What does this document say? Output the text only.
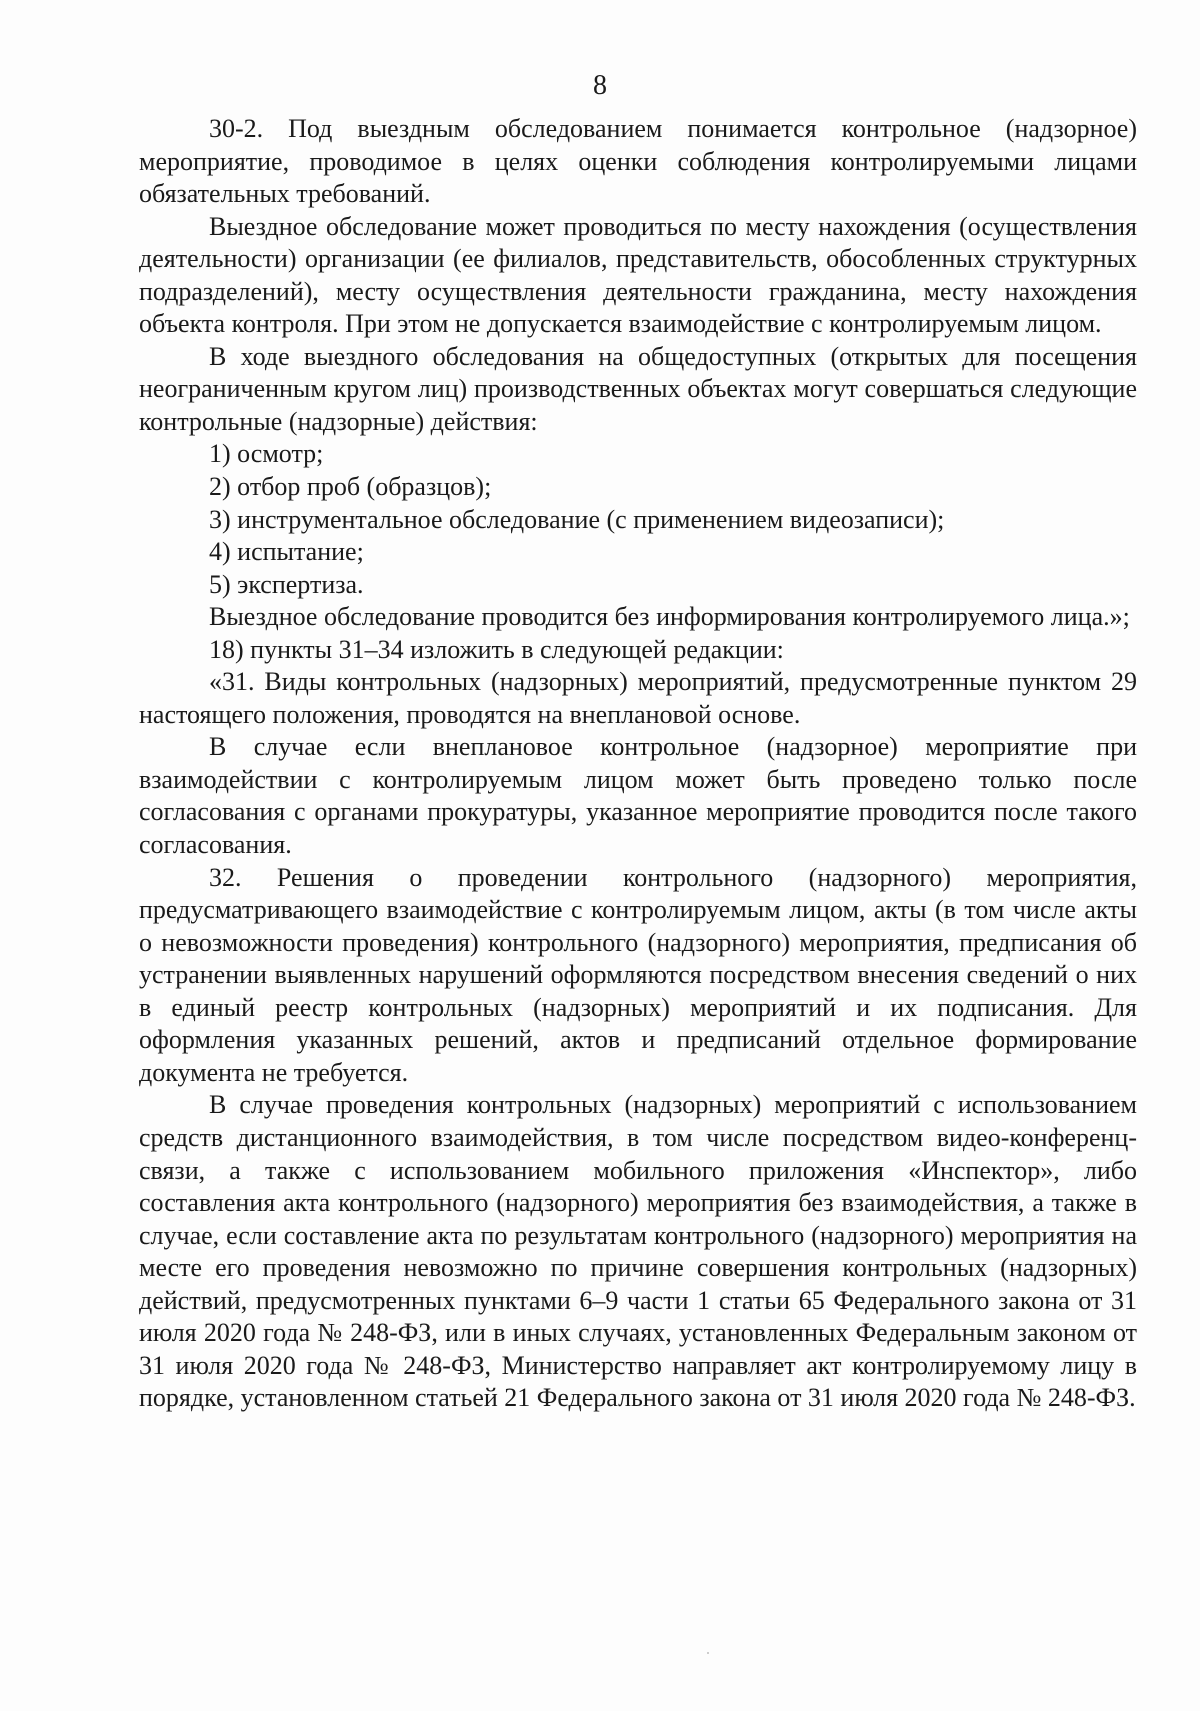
8

30-2. Под выездным обследованием понимается контрольное (надзорное) мероприятие, проводимое в целях оценки соблюдения контролируемыми лицами обязательных требований.

Выездное обследование может проводиться по месту нахождения (осуществления деятельности) организации (ее филиалов, представительств, обособленных структурных подразделений), месту осуществления деятельности гражданина, месту нахождения объекта контроля. При этом не допускается взаимодействие с контролируемым лицом.

В ходе выездного обследования на общедоступных (открытых для посещения неограниченным кругом лиц) производственных объектах могут совершаться следующие контрольные (надзорные) действия:

1) осмотр;

2) отбор проб (образцов);

3) инструментальное обследование (с применением видеозаписи);

4) испытание;

5) экспертиза.

Выездное обследование проводится без информирования контролируемого лица.»;

18) пункты 31–34 изложить в следующей редакции:

«31. Виды контрольных (надзорных) мероприятий, предусмотренные пунктом 29 настоящего положения, проводятся на внеплановой основе.

В случае если внеплановое контрольное (надзорное) мероприятие при взаимодействии с контролируемым лицом может быть проведено только после согласования с органами прокуратуры, указанное мероприятие проводится после такого согласования.

32. Решения о проведении контрольного (надзорного) мероприятия, предусматривающего взаимодействие с контролируемым лицом, акты (в том числе акты о невозможности проведения) контрольного (надзорного) мероприятия, предписания об устранении выявленных нарушений оформляются посредством внесения сведений о них в единый реестр контрольных (надзорных) мероприятий и их подписания. Для оформления указанных решений, актов и предписаний отдельное формирование документа не требуется.

В случае проведения контрольных (надзорных) мероприятий с использованием средств дистанционного взаимодействия, в том числе посредством видео-конференц-связи, а также с использованием мобильного приложения «Инспектор», либо составления акта контрольного (надзорного) мероприятия без взаимодействия, а также в случае, если составление акта по результатам контрольного (надзорного) мероприятия на месте его проведения невозможно по причине совершения контрольных (надзорных) действий, предусмотренных пунктами 6–9 части 1 статьи 65 Федерального закона от 31 июля 2020 года № 248-ФЗ, или в иных случаях, установленных Федеральным законом от 31 июля 2020 года № 248-ФЗ, Министерство направляет акт контролируемому лицу в порядке, установленном статьей 21 Федерального закона от 31 июля 2020 года № 248-ФЗ.
